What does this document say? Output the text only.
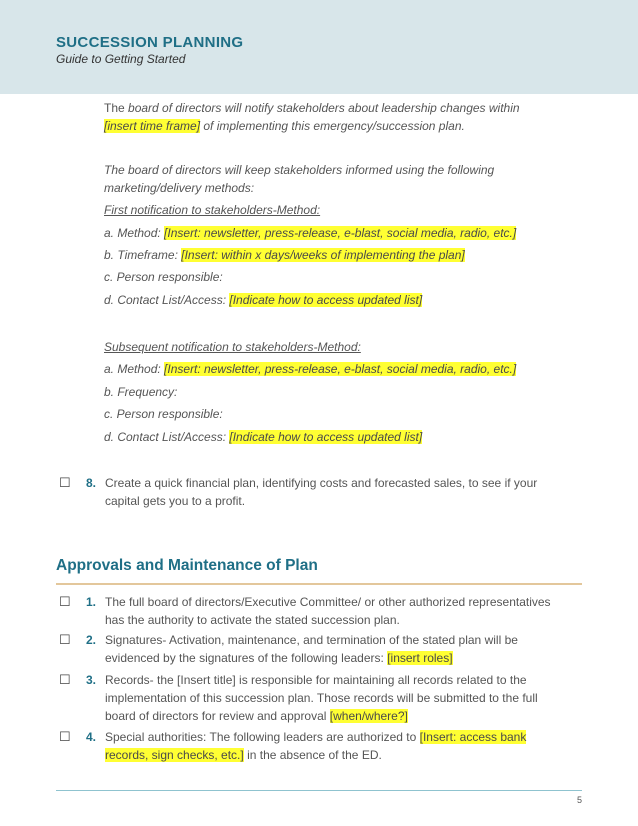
SUCCESSION PLANNING
Guide to Getting Started
The board of directors will notify stakeholders about leadership changes within
[insert time frame] of implementing this emergency/succession plan.
The board of directors will keep stakeholders informed using the following
marketing/delivery methods:
First notification to stakeholders-Method:
a. Method: [Insert: newsletter, press-release, e-blast, social media, radio, etc.]
b. Timeframe: [Insert: within x days/weeks of implementing the plan]
c. Person responsible:
d. Contact List/Access: [Indicate how to access updated list]
Subsequent notification to stakeholders-Method:
a. Method: [Insert: newsletter, press-release, e-blast, social media, radio, etc.]
b. Frequency:
c. Person responsible:
d. Contact List/Access: [Indicate how to access updated list]
☐ 8. Create a quick financial plan, identifying costs and forecasted sales, to see if your
capital gets you to a profit.
Approvals and Maintenance of Plan
☐ 1. The full board of directors/Executive Committee/ or other authorized representatives
has the authority to activate the stated succession plan.
☐ 2. Signatures- Activation, maintenance, and termination of the stated plan will be
evidenced by the signatures of the following leaders: [insert roles]
☐ 3. Records- the [Insert title] is responsible for maintaining all records related to the
implementation of this succession plan. Those records will be submitted to the full
board of directors for review and approval [when/where?]
☐ 4. Special authorities: The following leaders are authorized to [Insert: access bank
records, sign checks, etc.] in the absence of the ED.
5
